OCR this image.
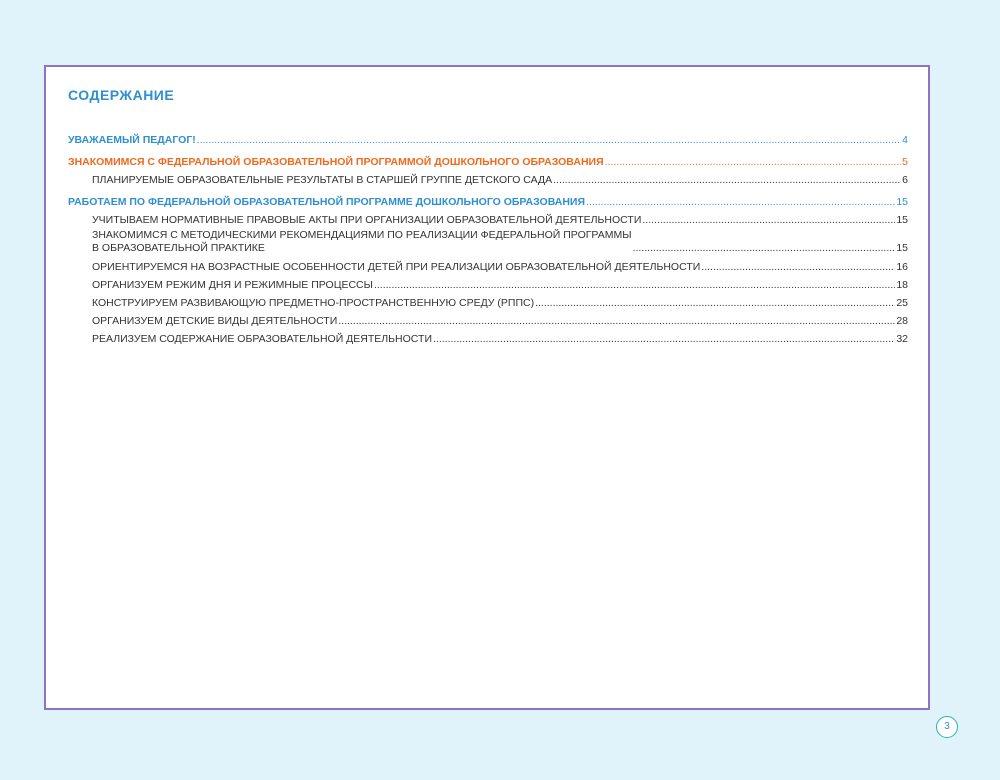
СОДЕРЖАНИЕ
УВАЖАЕМЫЙ ПЕДАГОГ! .....	4
ЗНАКОМИМСЯ С ФЕДЕРАЛЬНОЙ ОБРАЗОВАТЕЛЬНОЙ ПРОГРАММОЙ ДОШКОЛЬНОГО ОБРАЗОВАНИЯ .....	5
ПЛАНИРУЕМЫЕ ОБРАЗОВАТЕЛЬНЫЕ РЕЗУЛЬТАТЫ В СТАРШЕЙ ГРУППЕ ДЕТСКОГО САДА .....	6
РАБОТАЕМ ПО ФЕДЕРАЛЬНОЙ ОБРАЗОВАТЕЛЬНОЙ ПРОГРАММЕ ДОШКОЛЬНОГО ОБРАЗОВАНИЯ .....	15
УЧИТЫВАЕМ НОРМАТИВНЫЕ ПРАВОВЫЕ АКТЫ ПРИ ОРГАНИЗАЦИИ ОБРАЗОВАТЕЛЬНОЙ ДЕЯТЕЛЬНОСТИ .....	15
ЗНАКОМИМСЯ С МЕТОДИЧЕСКИМИ РЕКОМЕНДАЦИЯМИ ПО РЕАЛИЗАЦИИ ФЕДЕРАЛЬНОЙ ПРОГРАММЫ
В ОБРАЗОВАТЕЛЬНОЙ ПРАКТИКЕ .....	15
ОРИЕНТИРУЕМСЯ НА ВОЗРАСТНЫЕ ОСОБЕННОСТИ ДЕТЕЙ ПРИ РЕАЛИЗАЦИИ ОБРАЗОВАТЕЛЬНОЙ ДЕЯТЕЛЬНОСТИ .....	16
ОРГАНИЗУЕМ РЕЖИМ ДНЯ И РЕЖИМНЫЕ ПРОЦЕССЫ .....	18
КОНСТРУИРУЕМ РАЗВИВАЮЩУЮ ПРЕДМЕТНО-ПРОСТРАНСТВЕННУЮ СРЕДУ (РППС) .....	25
ОРГАНИЗУЕМ ДЕТСКИЕ ВИДЫ ДЕЯТЕЛЬНОСТИ .....	28
РЕАЛИЗУЕМ СОДЕРЖАНИЕ ОБРАЗОВАТЕЛЬНОЙ ДЕЯТЕЛЬНОСТИ .....	32
3
